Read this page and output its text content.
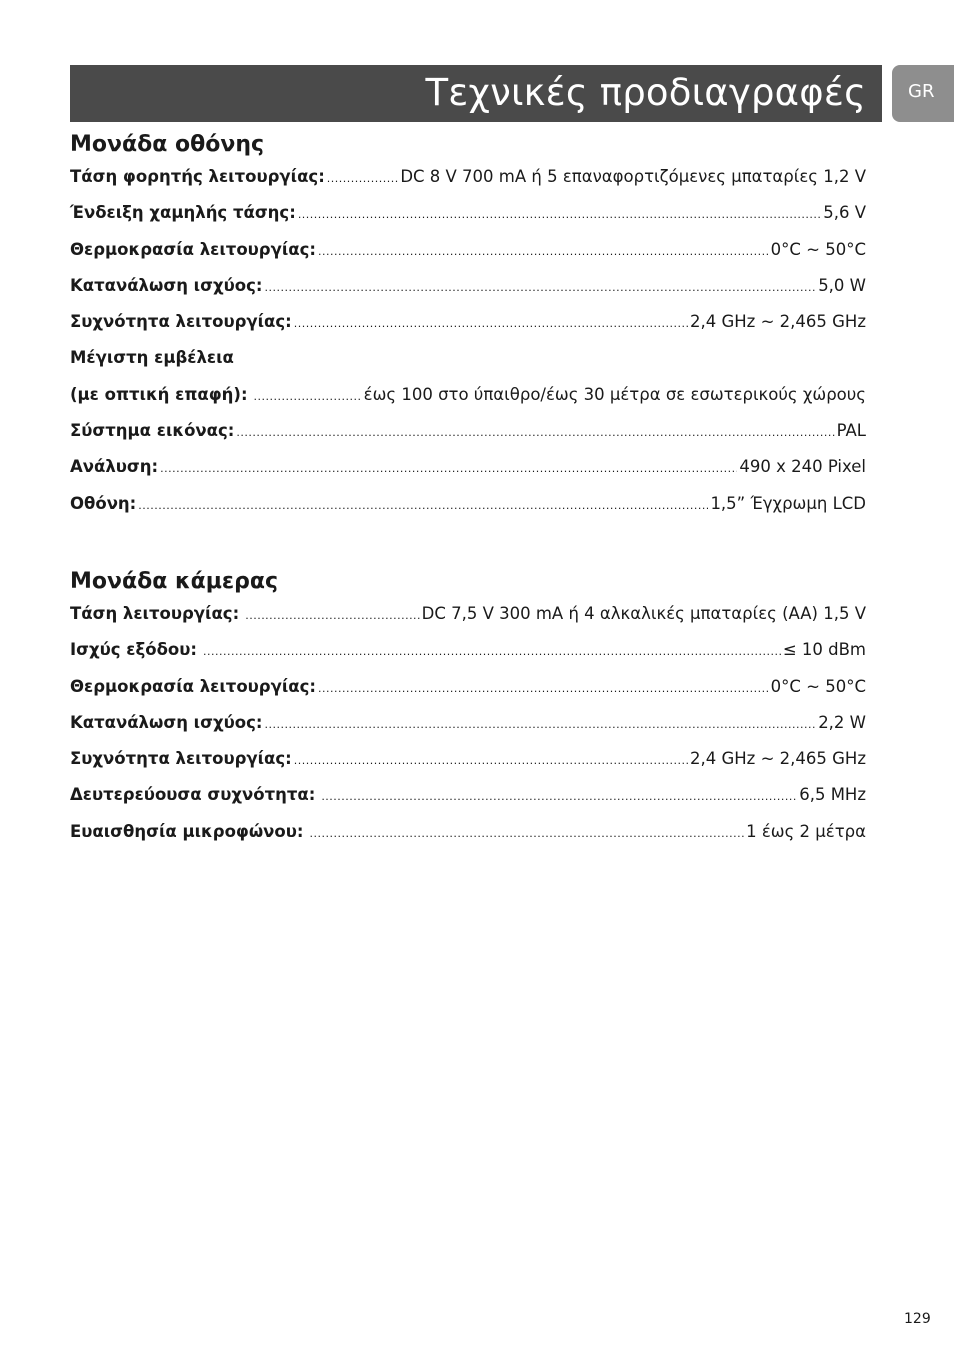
Τεχνικές προδιαγραφές GR
Μονάδα οθόνης
Τάση φορητής λειτουργίας: .....	DC 8 V 700 mA ή 5 επαναφορτιζόμενες μπαταρίες 1,2 V
Ένδειξη χαμηλής τάσης: .....	5,6 V
Θερμοκρασία λειτουργίας: .....	0°C ~ 50°C
Κατανάλωση ισχύος: .....	5,0 W
Συχνότητα λειτουργίας: .....	2,4 GHz ~ 2,465 GHz
Μέγιστη εμβέλεια
(με οπτική επαφή): .....	έως 100 στο ύπαιθρο/έως 30 μέτρα σε εσωτερικούς χώρους
Σύστημα εικόνας: .....	PAL
Ανάλυση: .....	490 x 240 Pixel
Οθόνη: .....	1,5” Έγχρωμη LCD
Μονάδα κάμερας
Τάση λειτουργίας: .....	DC 7,5 V 300 mA ή 4 αλκαλικές μπαταρίες (AA) 1,5 V
Ισχύς εξόδου: .....	≤ 10 dBm
Θερμοκρασία λειτουργίας: .....	0°C ~ 50°C
Κατανάλωση ισχύος: .....	2,2 W
Συχνότητα λειτουργίας: .....	2,4 GHz ~ 2,465 GHz
Δευτερεύουσα συχνότητα: .....	6,5 MHz
Ευαισθησία μικροφώνου: .....	1 έως 2 μέτρα
129
